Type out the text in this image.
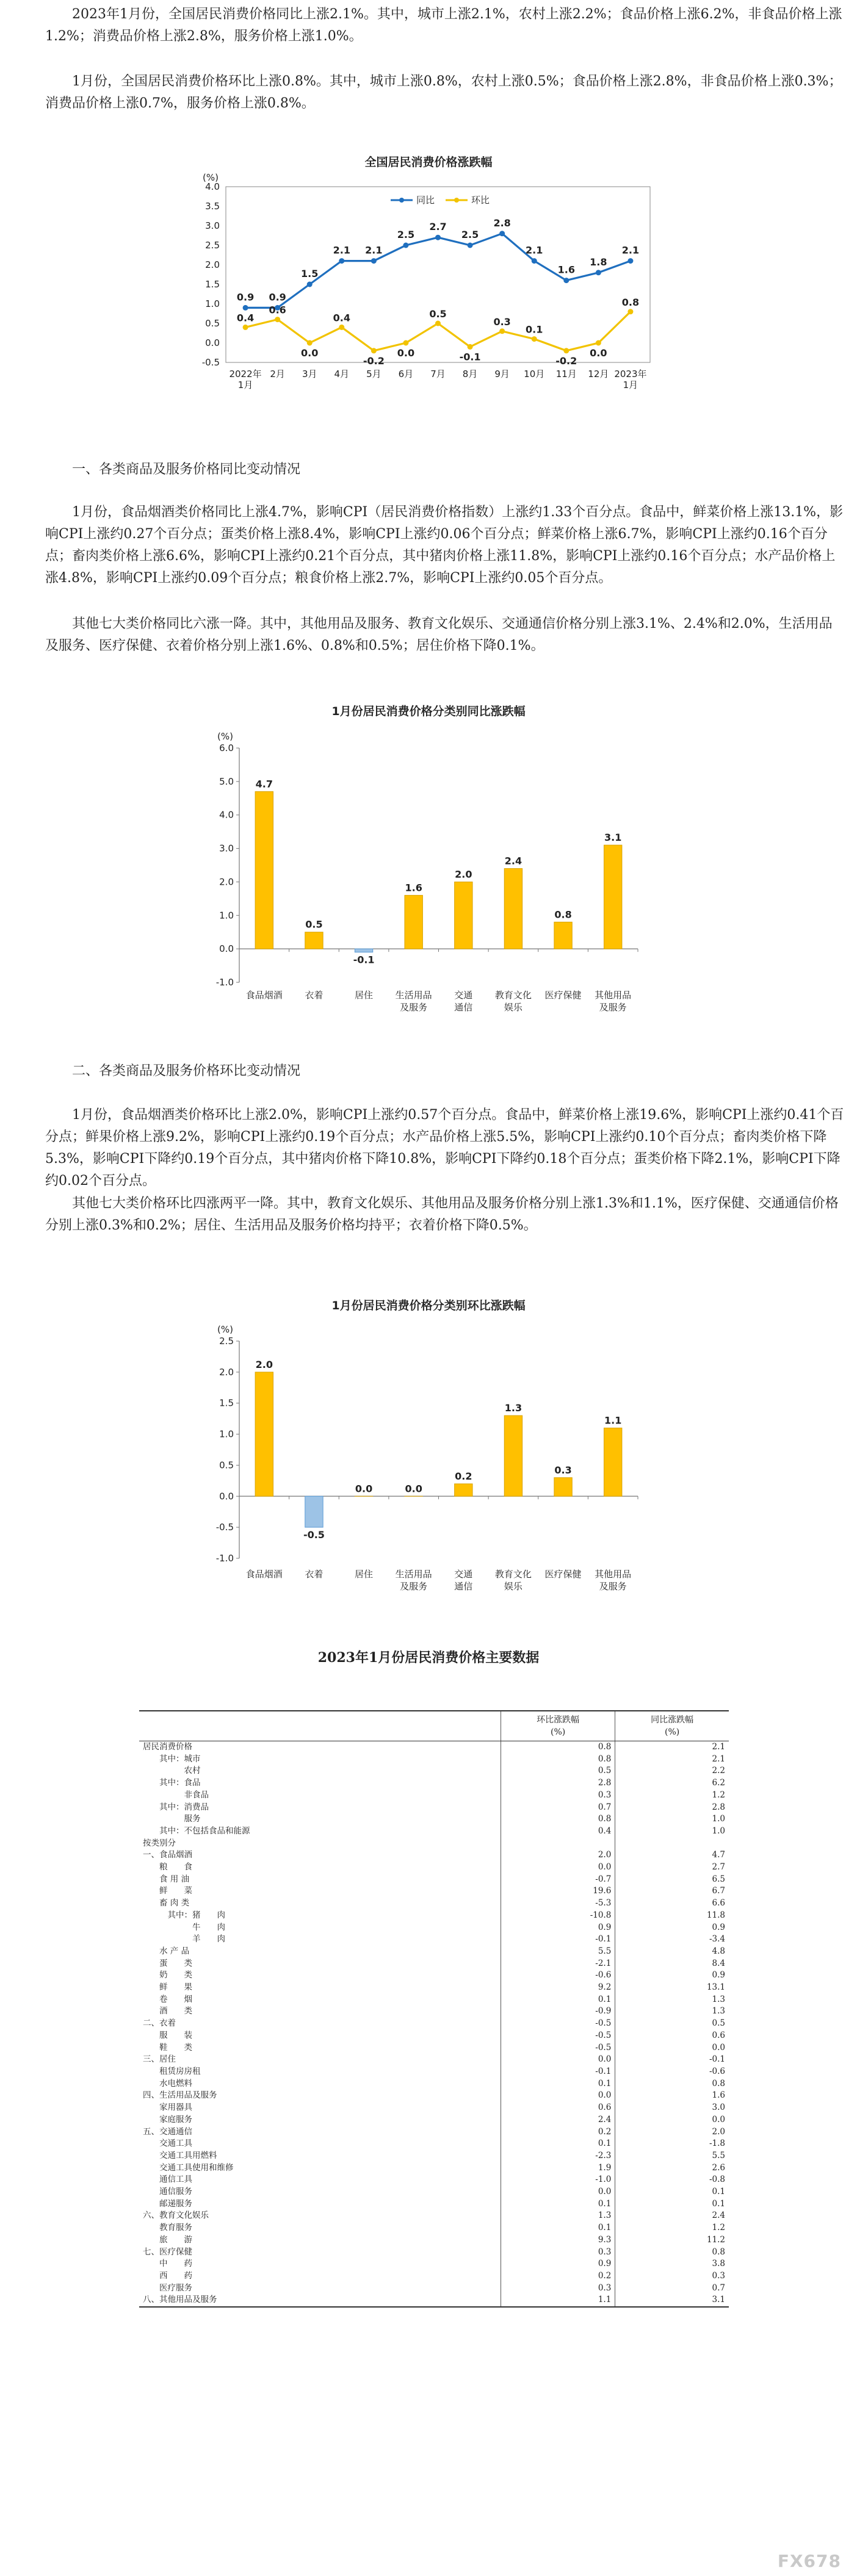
2023年1月份，全国居民消费价格同比上涨2.1%。其中，城市上涨2.1%，农村上涨2.2%；食品价格上涨6.2%，非食品价格上涨1.2%；消费品价格上涨2.8%，服务价格上涨1.0%。

1月份，全国居民消费价格环比上涨0.8%。其中，城市上涨0.8%，农村上涨0.5%；食品价格上涨2.8%，非食品价格上涨0.3%；消费品价格上涨0.7%，服务价格上涨0.8%。

全国居民消费价格涨跌幅
(%)
4.0
3.5
3.0
2.5
2.0
1.5
1.0
0.5
0.0
-0.5
2022年
1月
2月 3月 4月 5月 6月 7月 8月 9月 10月 11月 12月 2023年
1月
同比	环比
0.9 0.9
1.5
2.1 2.1
2.5
2.7
2.5
2.8
2.1
1.6
1.8
2.1
0.4
0.6
0.0
0.4
-0.2
0.0
0.5
-0.1
0.3
0.1
-0.2
0.0
0.8

一、各类商品及服务价格同比变动情况

1月份，食品烟酒类价格同比上涨4.7%，影响CPI（居民消费价格指数）上涨约1.33个百分点。食品中，鲜菜价格上涨13.1%，影响CPI上涨约0.27个百分点；蛋类价格上涨8.4%，影响CPI上涨约0.06个百分点；鲜菜价格上涨6.7%，影响CPI上涨约0.16个百分点；畜肉类价格上涨6.6%，影响CPI上涨约0.21个百分点，其中猪肉价格上涨11.8%，影响CPI上涨约0.16个百分点；水产品价格上涨4.8%，影响CPI上涨约0.09个百分点；粮食价格上涨2.7%，影响CPI上涨约0.05个百分点。

其他七大类价格同比六涨一降。其中，其他用品及服务、教育文化娱乐、交通通信价格分别上涨3.1%、2.4%和2.0%，生活用品及服务、医疗保健、衣着价格分别上涨1.6%、0.8%和0.5%；居住价格下降0.1%。

1月份居民消费价格分类别同比涨跌幅
(%)
6.0
5.0
4.0
3.0
2.0
1.0
0.0
-1.0
4.7
食品烟酒
0.5
衣着
-0.1
居住
1.6
生活用品
及服务
2.0
交通
通信
2.4
教育文化
娱乐
0.8
医疗保健
3.1
其他用品
及服务

二、各类商品及服务价格环比变动情况

1月份，食品烟酒类价格环比上涨2.0%，影响CPI上涨约0.57个百分点。食品中，鲜菜价格上涨19.6%，影响CPI上涨约0.41个百分点；鲜果价格上涨9.2%，影响CPI上涨约0.19个百分点；水产品价格上涨5.5%，影响CPI上涨约0.10个百分点；畜肉类价格下降5.3%，影响CPI下降约0.19个百分点，其中猪肉价格下降10.8%，影响CPI下降约0.18个百分点；蛋类价格下降2.1%，影响CPI下降约0.02个百分点。

其他七大类价格环比四涨两平一降。其中，教育文化娱乐、其他用品及服务价格分别上涨1.3%和1.1%，医疗保健、交通通信价格分别上涨0.3%和0.2%；居住、生活用品及服务价格均持平；衣着价格下降0.5%。

1月份居民消费价格分类别环比涨跌幅
(%)
2.5
2.0
1.5
1.0
0.5
0.0
-0.5
-1.0
2.0
食品烟酒
-0.5
衣着
0.0
居住
0.0
生活用品
及服务
0.2
交通
通信
1.3
教育文化
娱乐
0.3
医疗保健
1.1
其他用品
及服务
2023年1月份居民消费价格主要数据
	环比涨跌幅
(%)	同比涨跌幅
(%)
居民消费价格	0.8	2.1
　　其中：城市	0.8	2.1
　　　　　农村	0.5	2.2
　　其中：食品	2.8	6.2
　　　　　非食品	0.3	1.2
　　其中：消费品	0.7	2.8
　　　　　服务	0.8	1.0
　　其中：不包括食品和能源	0.4	1.0
按类别分		
一、食品烟酒	2.0	4.7
　　粮　　食	0.0	2.7
　　食 用 油	-0.7	6.5
　　鲜　　菜	19.6	6.7
　　畜 肉 类	-5.3	6.6
　　　其中：猪　　肉	-10.8	11.8
　　　　　　牛　　肉	0.9	0.9
　　　　　　羊　　肉	-0.1	-3.4
　　水 产 品	5.5	4.8
　　蛋　　类	-2.1	8.4
　　奶　　类	-0.6	0.9
　　鲜　　果	9.2	13.1
　　卷　　烟	0.1	1.3
　　酒　　类	-0.9	1.3
二、衣着	-0.5	0.5
　　服　　装	-0.5	0.6
　　鞋　　类	-0.5	0.0
三、居住	0.0	-0.1
　　租赁房房租	-0.1	-0.6
　　水电燃料	0.1	0.8
四、生活用品及服务	0.0	1.6
　　家用器具	0.6	3.0
　　家庭服务	2.4	0.0
五、交通通信	0.2	2.0
　　交通工具	0.1	-1.8
　　交通工具用燃料	-2.3	5.5
　　交通工具使用和维修	1.9	2.6
　　通信工具	-1.0	-0.8
　　通信服务	0.0	0.1
　　邮递服务	0.1	0.1
六、教育文化娱乐	1.3	2.4
　　教育服务	0.1	1.2
　　旅　　游	9.3	11.2
七、医疗保健	0.3	0.8
　　中　　药	0.9	3.8
　　西　　药	0.2	0.3
　　医疗服务	0.3	0.7
八、其他用品及服务	1.1	3.1
FX678
